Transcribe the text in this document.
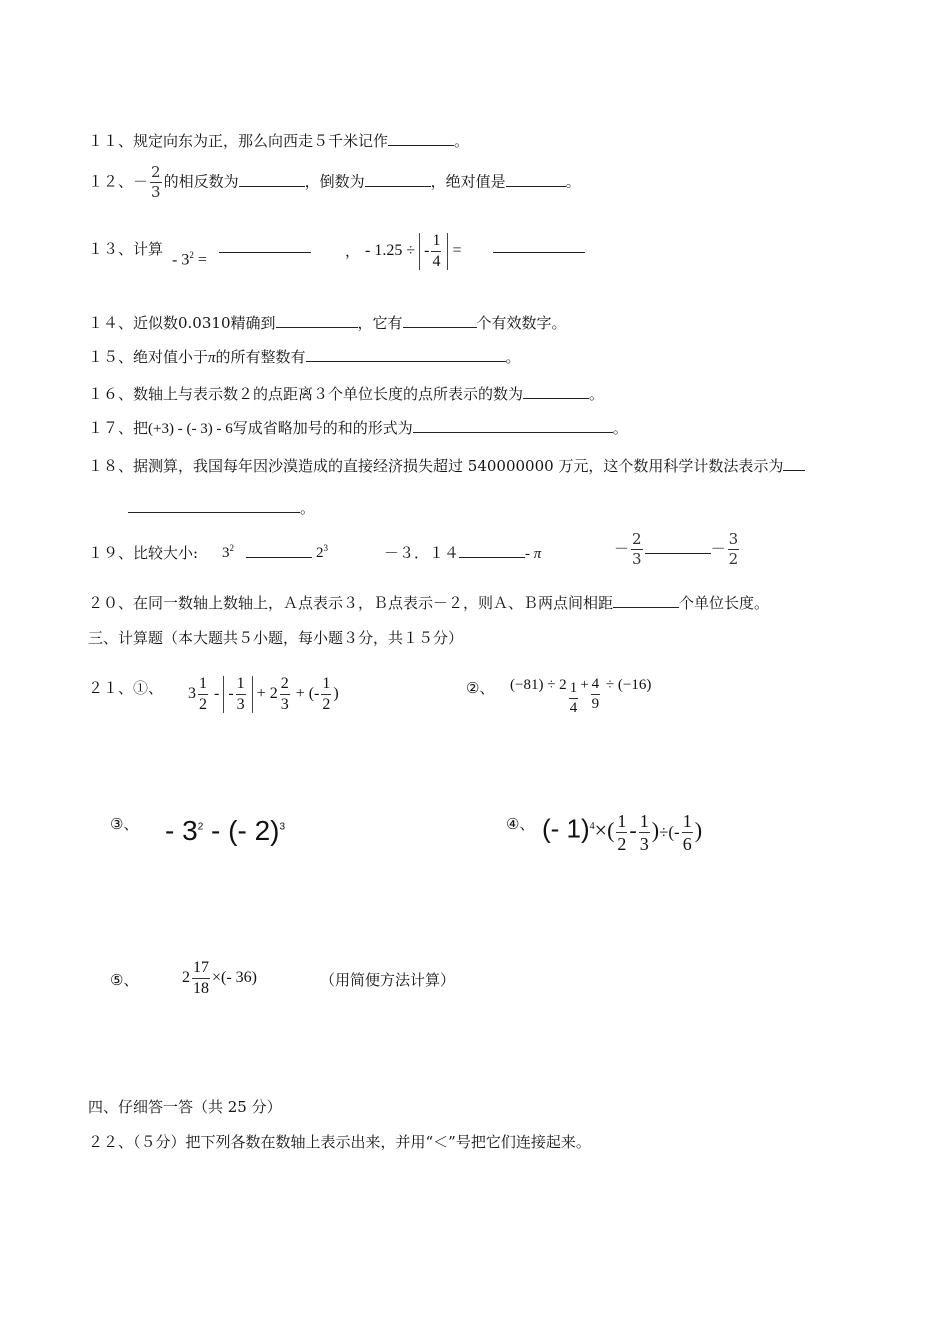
１１、规定向东为正，那么向西走５千米记作	。
１２、－ $\frac{2}{3}$ 的相反数为	，倒数为	，绝对值是	。
１３、计算
- $3^2$ =	， - 1.25 ÷ - $\frac{1}{4}$ =
１４、近似数0.0310精确到	，它有	个有效数字。
１５、绝对值小于π的所有整数有	。
１６、数轴上与表示数２的点距离３个单位长度的点所表示的数为	。
１７、把(+3) - (- 3) - 6写成省略加号的和的形式为	。
１８、据测算，我国每年因沙漠造成的直接经济损失超过 540000000 万元，这个数用科学计数法表示为
。
１９、比较大小: $3^2$	$2^3$	－３．１４	- π	－ $\frac{2}{3}$	－ $\frac{3}{2}$
２０、在同一数轴上数轴上，Ａ点表示３，Ｂ点表示－２，则Ａ、Ｂ两点间相距	个单位长度。
三、计算题（本大题共５小题，每小题３分，共１５分）
２１、①、 $3 \frac{1}{2}$ - - $\frac{1}{3} + 2 \frac{2}{3}$ + (- $\frac{1}{2}$ )	②、 $(-81) \div 2 \frac{1}{4} + \frac{4}{9} \div (-16)$
③、 - $3^2$ - (- 2)$^3$	④、 (- $1)^4\times( \frac{1}{2} - \frac{1}{3}$ )÷(- $\frac{1}{6}$ )
⑤、	$2 \frac{17}{18}$ ×(- 36)	（用简便方法计算）
四、仔细答一答（共 25 分）
２２、（５分）把下列各数在数轴上表示出来，并用“＜”号把它们连接起来。
